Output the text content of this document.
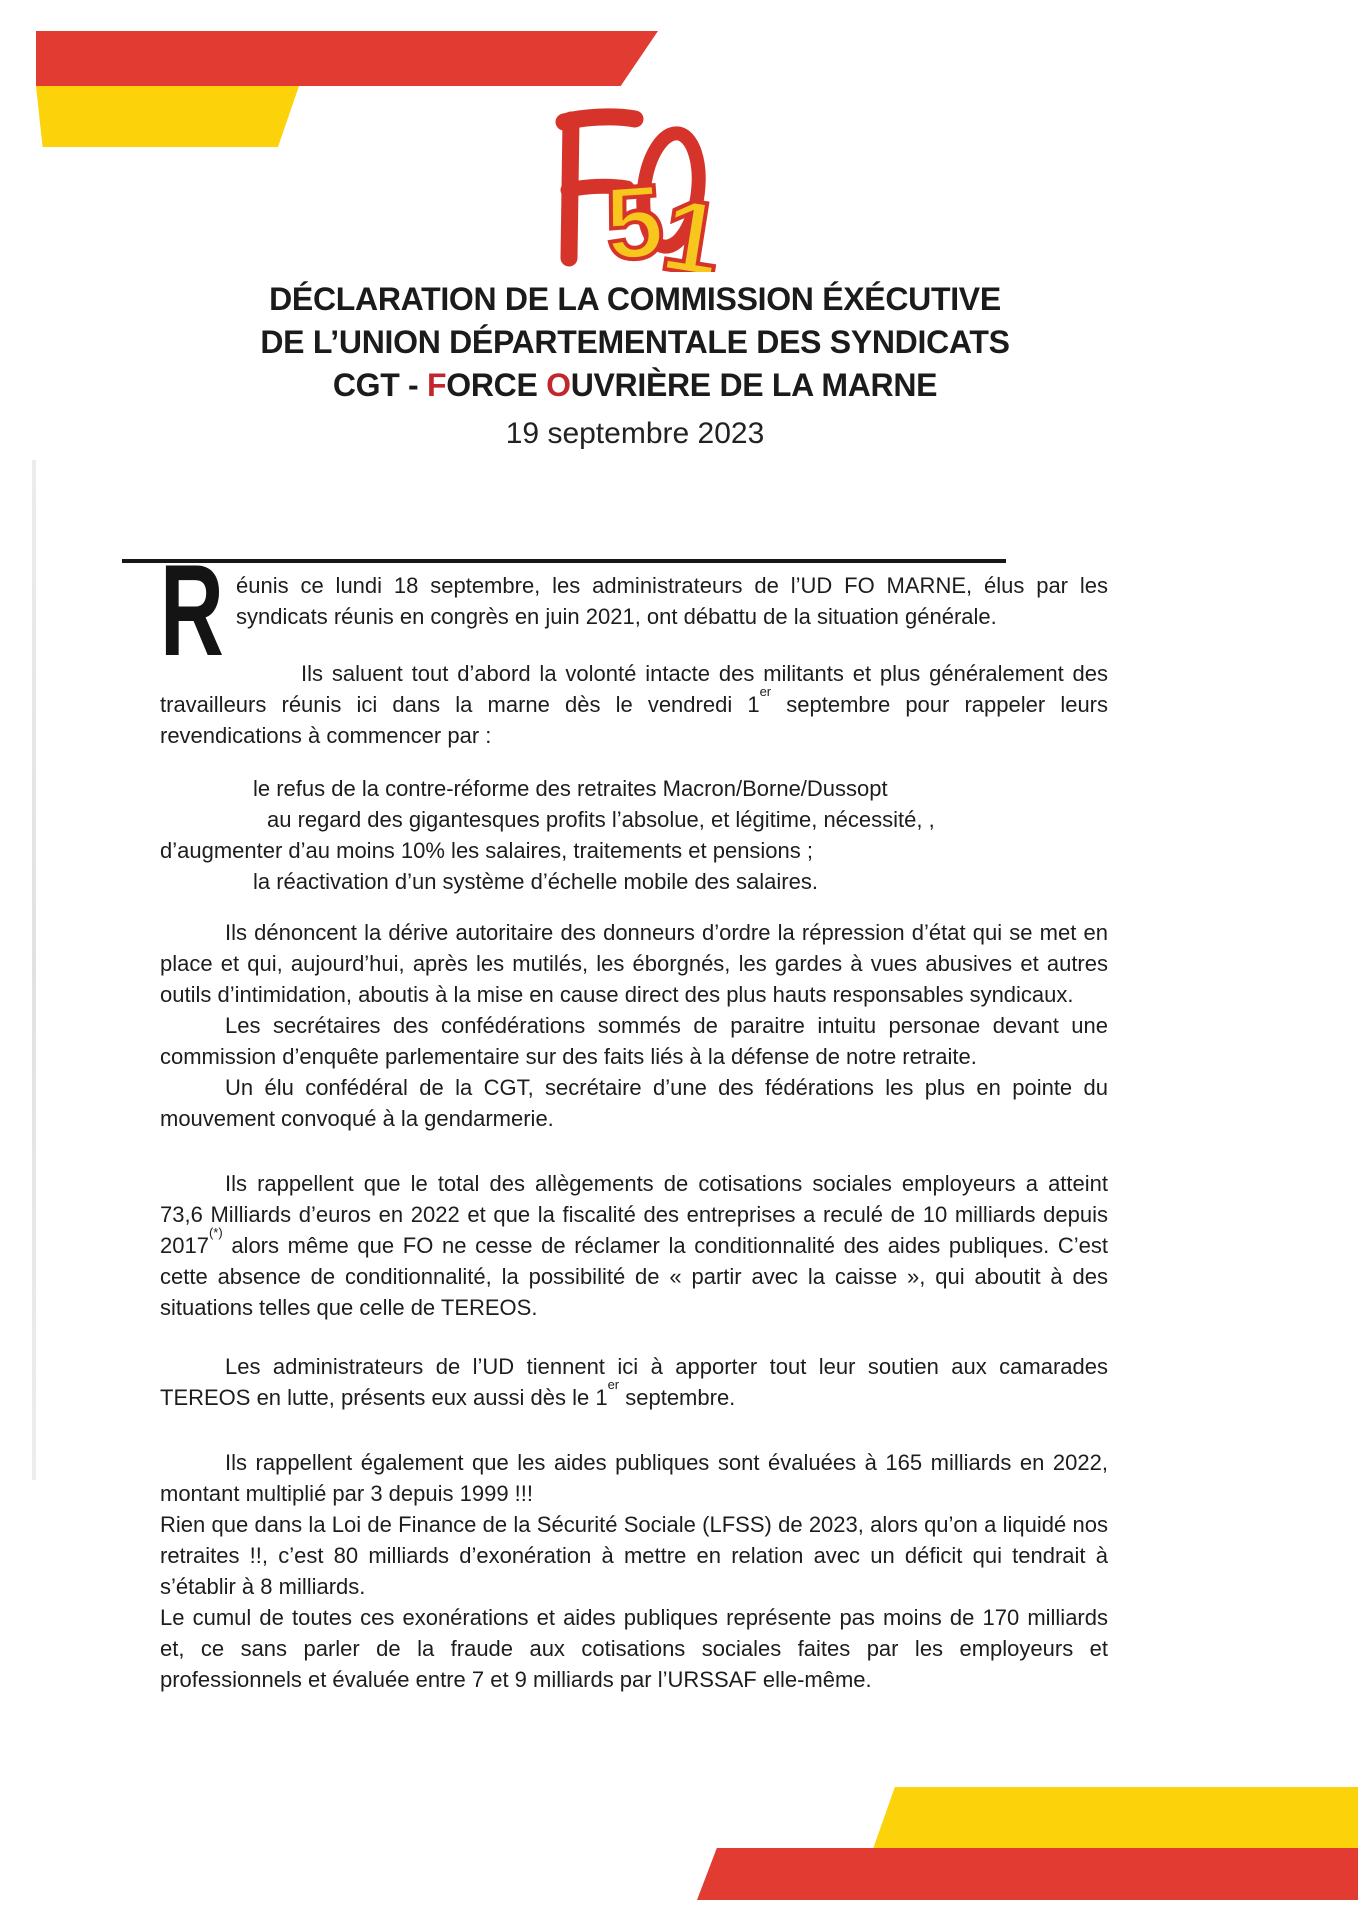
5
1
DÉCLARATION DE LA COMMISSION ÉXÉCUTIVE
DE L’UNION DÉPARTEMENTALE DES SYNDICATS
CGT - FORCE OUVRIÈRE DE LA MARNE
19 septembre 2023

R éunis ce lundi 18 septembre, les administrateurs de l’UD FO MARNE, élus par les syndicats réunis en congrès en juin 2021, ont débattu de la situation générale.

Ils saluent tout d’abord la volonté intacte des militants et plus généralement des travailleurs réunis ici dans la marne dès le vendredi 1er septembre pour rappeler leurs revendications à commencer par :

le refus de la contre-réforme des retraites Macron/Borne/Dussopt
au regard des gigantesques profits l’absolue, et légitime, nécessité, ,
d’augmenter d’au moins 10% les salaires, traitements et pensions ;
la réactivation d’un système d’échelle mobile des salaires.

Ils dénoncent la dérive autoritaire des donneurs d’ordre la répression d’état qui se met en place et qui, aujourd’hui, après les mutilés, les éborgnés, les gardes à vues abusives et autres outils d’intimidation, aboutis à la mise en cause direct des plus hauts responsables syndicaux.

Les secrétaires des confédérations sommés de paraitre intuitu personae devant une commission d’enquête parlementaire sur des faits liés à la défense de notre retraite.

Un élu confédéral de la CGT, secrétaire d’une des fédérations les plus en pointe du mouvement convoqué à la gendarmerie.

Ils rappellent que le total des allègements de cotisations sociales employeurs a atteint 73,6 Milliards d’euros en 2022 et que la fiscalité des entreprises a reculé de 10 milliards depuis 2017(*) alors même que FO ne cesse de réclamer la conditionnalité des aides publiques. C’est cette absence de conditionnalité, la possibilité de « partir avec la caisse », qui aboutit à des situations telles que celle de TEREOS.

Les administrateurs de l’UD tiennent ici à apporter tout leur soutien aux camarades TEREOS en lutte, présents eux aussi dès le 1er septembre.

Ils rappellent également que les aides publiques sont évaluées à 165 milliards en 2022, montant multiplié par 3 depuis 1999 !!!

Rien que dans la Loi de Finance de la Sécurité Sociale (LFSS) de 2023, alors qu’on a liquidé nos retraites !!, c’est 80 milliards d’exonération à mettre en relation avec un déficit qui tendrait à s’établir à 8 milliards.

Le cumul de toutes ces exonérations et aides publiques représente pas moins de 170 milliards et, ce sans parler de la fraude aux cotisations sociales faites par les employeurs et professionnels et évaluée entre 7 et 9 milliards par l’URSSAF elle-même.
